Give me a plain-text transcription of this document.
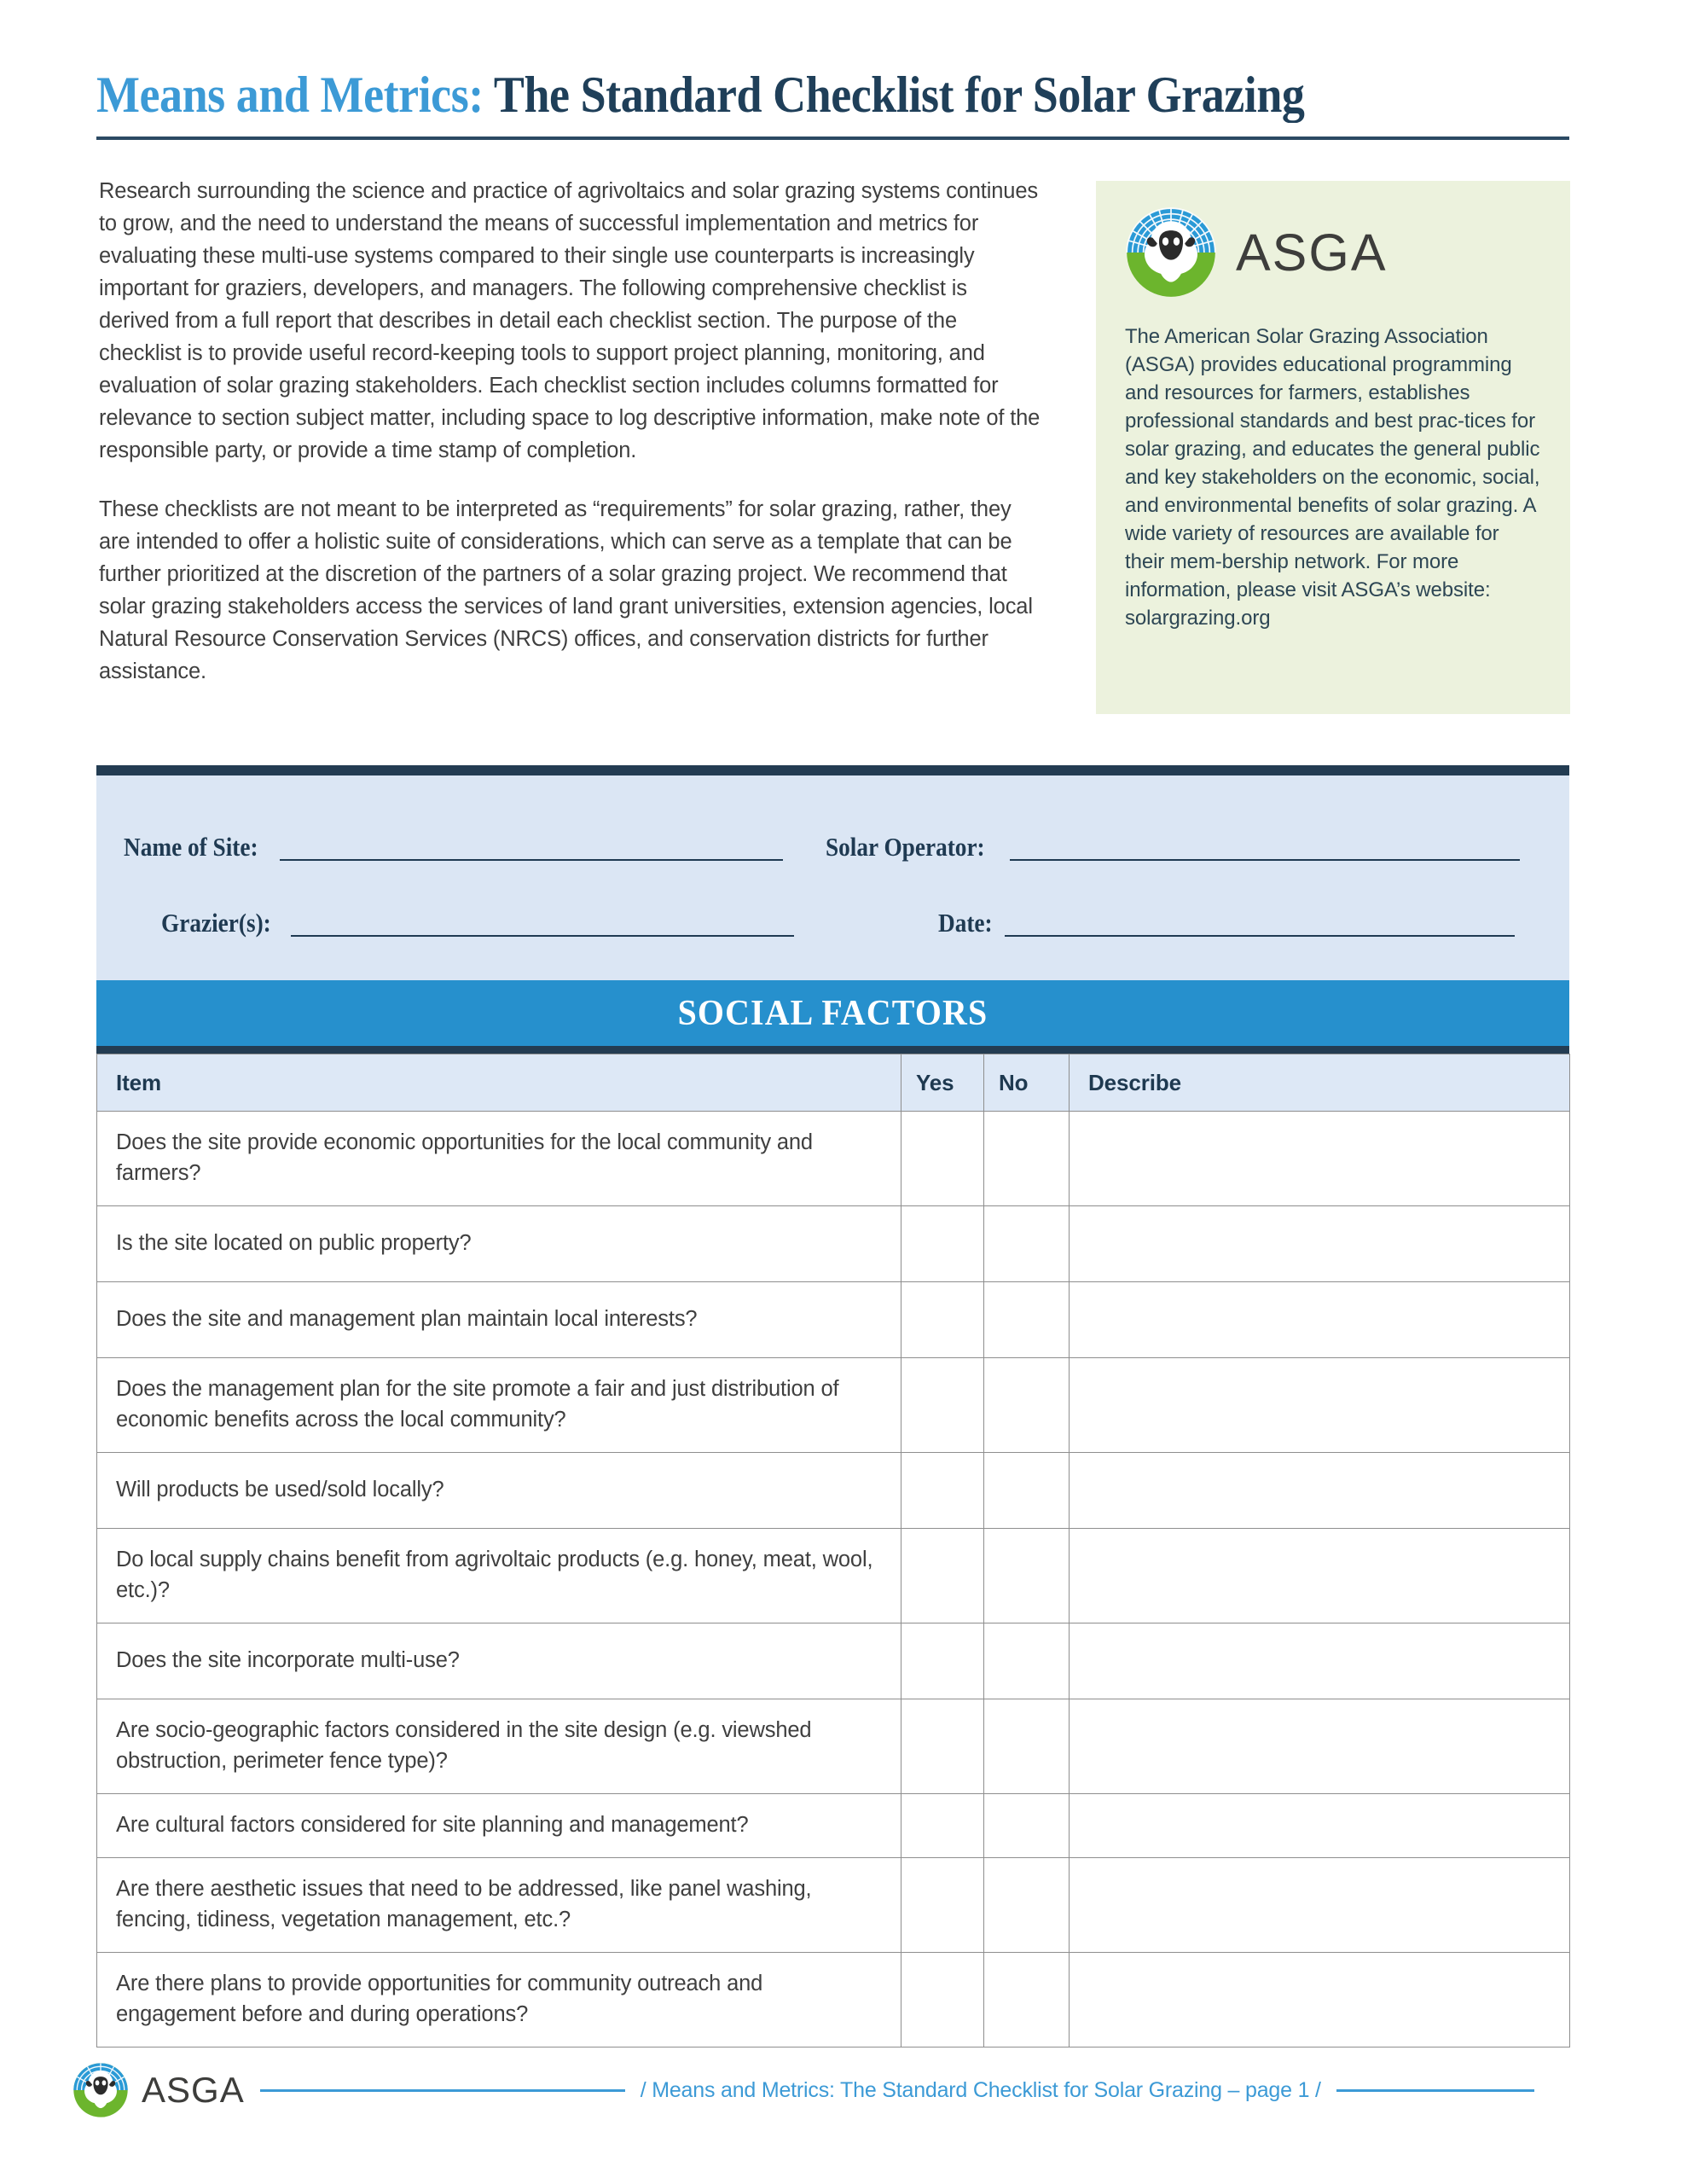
Means and Metrics: The Standard Checklist for Solar Grazing

Research surrounding the science and practice of agrivoltaics and solar grazing systems continues to grow, and the need to understand the means of successful implementation and metrics for evaluating these multi-use systems compared to their single use counterparts is increasingly important for graziers, developers, and managers. The following comprehensive checklist is derived from a full report that describes in detail each checklist section. The purpose of the checklist is to provide useful record-keeping tools to support project planning, monitoring, and evaluation of solar grazing stakeholders. Each checklist section includes columns formatted for relevance to section subject matter, including space to log descriptive information, make note of the responsible party, or provide a time stamp of completion.

These checklists are not meant to be interpreted as “requirements” for solar grazing, rather, they are intended to offer a holistic suite of considerations, which can serve as a template that can be further prioritized at the discretion of the partners of a solar grazing project. We recommend that solar grazing stakeholders access the services of land grant universities, extension agencies, local Natural Resource Conservation Services (NRCS) offices, and conservation districts for further assistance.

ASGA
The American Solar Grazing Association (ASGA) provides educational programming and resources for farmers, establishes professional standards and best prac-tices for solar grazing, and educates the general public and key stakeholders on the economic, social, and environmental benefits of solar grazing. A wide variety of resources are available for their mem-bership network. For more information, please visit ASGA’s website: solargrazing.org
Name of Site:	Solar Operator:
Grazier(s):	Date:
SOCIAL FACTORS
Item	Yes	No	Describe
Does the site provide economic opportunities for the local community and farmers?			
Is the site located on public property?			
Does the site and management plan maintain local interests?			
Does the management plan for the site promote a fair and just distribution of economic benefits across the local community?			
Will products be used/sold locally?			
Do local supply chains benefit from agrivoltaic products (e.g. honey, meat, wool, etc.)?			
Does the site incorporate multi-use?			
Are socio-geographic factors considered in the site design (e.g. viewshed obstruction, perimeter fence type)?			
Are cultural factors considered for site planning and management?			
Are there aesthetic issues that need to be addressed, like panel washing, fencing, tidiness, vegetation management, etc.?			
Are there plans to provide opportunities for community outreach and engagement before and during operations?			
ASGA	/ Means and Metrics: The Standard Checklist for Solar Grazing – page 1 /
